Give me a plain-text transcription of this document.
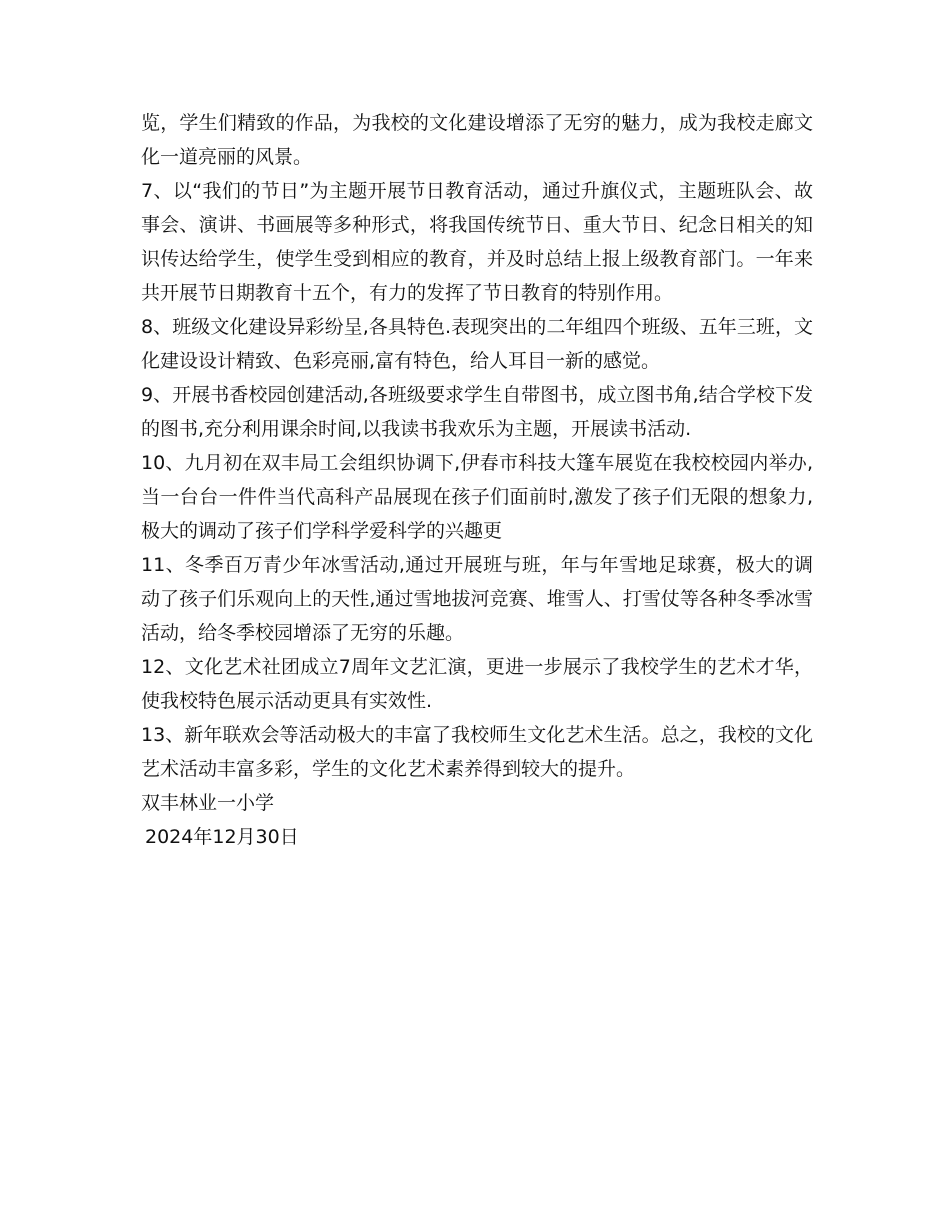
览，学生们精致的作品，为我校的文化建设增添了无穷的魅力，成为我校走廊文化一道亮丽的风景。

7、以“我们的节日”为主题开展节日教育活动，通过升旗仪式，主题班队会、故事会、演讲、书画展等多种形式，将我国传统节日、重大节日、纪念日相关的知识传达给学生，使学生受到相应的教育，并及时总结上报上级教育部门。一年来共开展节日期教育十五个，有力的发挥了节日教育的特别作用。

8、班级文化建设异彩纷呈,各具特色.表现突出的二年组四个班级、五年三班，文化建设设计精致、色彩亮丽,富有特色，给人耳目一新的感觉。

9、开展书香校园创建活动,各班级要求学生自带图书，成立图书角,结合学校下发的图书,充分利用课余时间,以我读书我欢乐为主题，开展读书活动.

10、九月初在双丰局工会组织协调下,伊春市科技大篷车展览在我校校园内举办,当一台台一件件当代高科产品展现在孩子们面前时,激发了孩子们无限的想象力,极大的调动了孩子们学科学爱科学的兴趣更

11、冬季百万青少年冰雪活动,通过开展班与班，年与年雪地足球赛，极大的调动了孩子们乐观向上的天性,通过雪地拔河竞赛、堆雪人、打雪仗等各种冬季冰雪活动，给冬季校园增添了无穷的乐趣。

12、文化艺术社团成立7周年文艺汇演，更进一步展示了我校学生的艺术才华，使我校特色展示活动更具有实效性.

13、新年联欢会等活动极大的丰富了我校师生文化艺术生活。总之，我校的文化艺术活动丰富多彩，学生的文化艺术素养得到较大的提升。

双丰林业一小学

2024年12月30日
